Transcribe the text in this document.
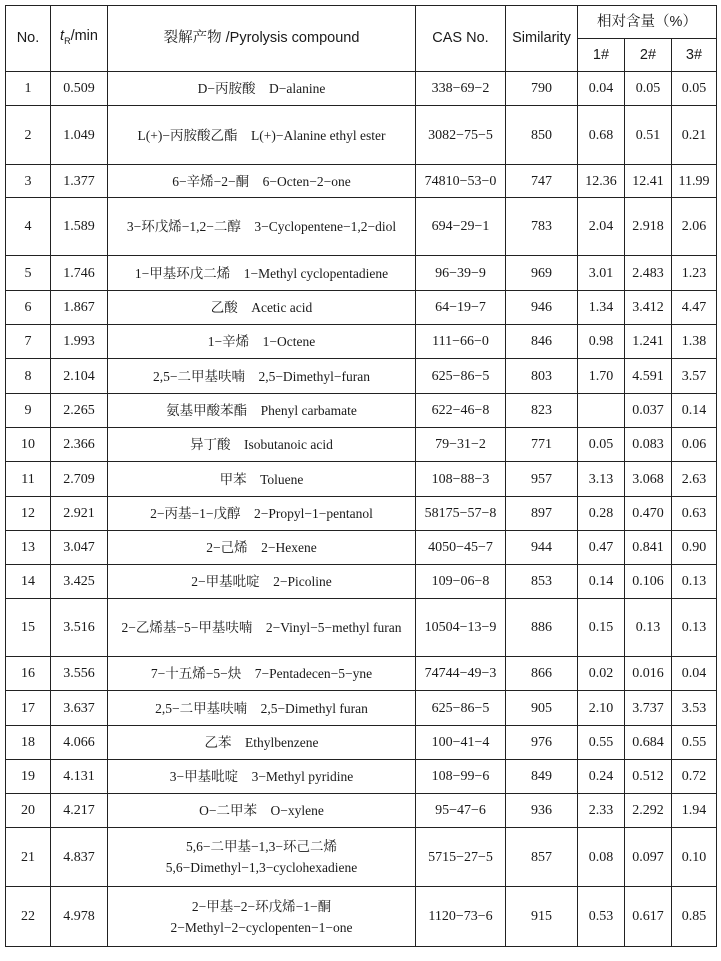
No.	$t_R/\min$	裂解产物 /Pyrolysis compound	CAS No.	Similarity	相对含量（%）		
					1#	2#	3#
1	0.509	D−丙胺酸　D−alanine	338−69−2	790	0.04	0.05	0.05
2	1.049	L(+)−丙胺酸乙酯　L(+)−Alanine ethyl ester	3082−75−5	850	0.68	0.51	0.21
3	1.377	6−辛烯−2−酮　6−Octen−2−one	74810−53−0	747	12.36	12.41	11.99
4	1.589	3−环戊烯−1,2−二醇　3−Cyclopentene−1,2−diol	694−29−1	783	2.04	2.918	2.06
5	1.746	1−甲基环戊二烯　1−Methyl cyclopentadiene	96−39−9	969	3.01	2.483	1.23
6	1.867	乙酸　Acetic acid	64−19−7	946	1.34	3.412	4.47
7	1.993	1−辛烯　1−Octene	111−66−0	846	0.98	1.241	1.38
8	2.104	2,5−二甲基呋喃　2,5−Dimethyl−furan	625−86−5	803	1.70	4.591	3.57
9	2.265	氨基甲酸苯酯　Phenyl carbamate	622−46−8	823		0.037	0.14
10	2.366	异丁酸　Isobutanoic acid	79−31−2	771	0.05	0.083	0.06
11	2.709	甲苯　Toluene	108−88−3	957	3.13	3.068	2.63
12	2.921	2−丙基−1−戊醇　2−Propyl−1−pentanol	58175−57−8	897	0.28	0.470	0.63
13	3.047	2−己烯　2−Hexene	4050−45−7	944	0.47	0.841	0.90
14	3.425	2−甲基吡啶　2−Picoline	109−06−8	853	0.14	0.106	0.13
15	3.516	2−乙烯基−5−甲基呋喃　2−Vinyl−5−methyl furan	10504−13−9	886	0.15	0.13	0.13
16	3.556	7−十五烯−5−炔　7−Pentadecen−5−yne	74744−49−3	866	0.02	0.016	0.04
17	3.637	2,5−二甲基呋喃　2,5−Dimethyl furan	625−86−5	905	2.10	3.737	3.53
18	4.066	乙苯　Ethylbenzene	100−41−4	976	0.55	0.684	0.55
19	4.131	3−甲基吡啶　3−Methyl pyridine	108−99−6	849	0.24	0.512	0.72
20	4.217	O−二甲苯　O−xylene	95−47−6	936	2.33	2.292	1.94
21	4.837	5,6−二甲基−1,3−环己二烯 5,6−Dimethyl−1,3−cyclohexadiene	5715−27−5	857	0.08	0.097	0.10
22	4.978	2−甲基−2−环戊烯−1−酮 2−Methyl−2−cyclopenten−1−one	1120−73−6	915	0.53	0.617	0.85
